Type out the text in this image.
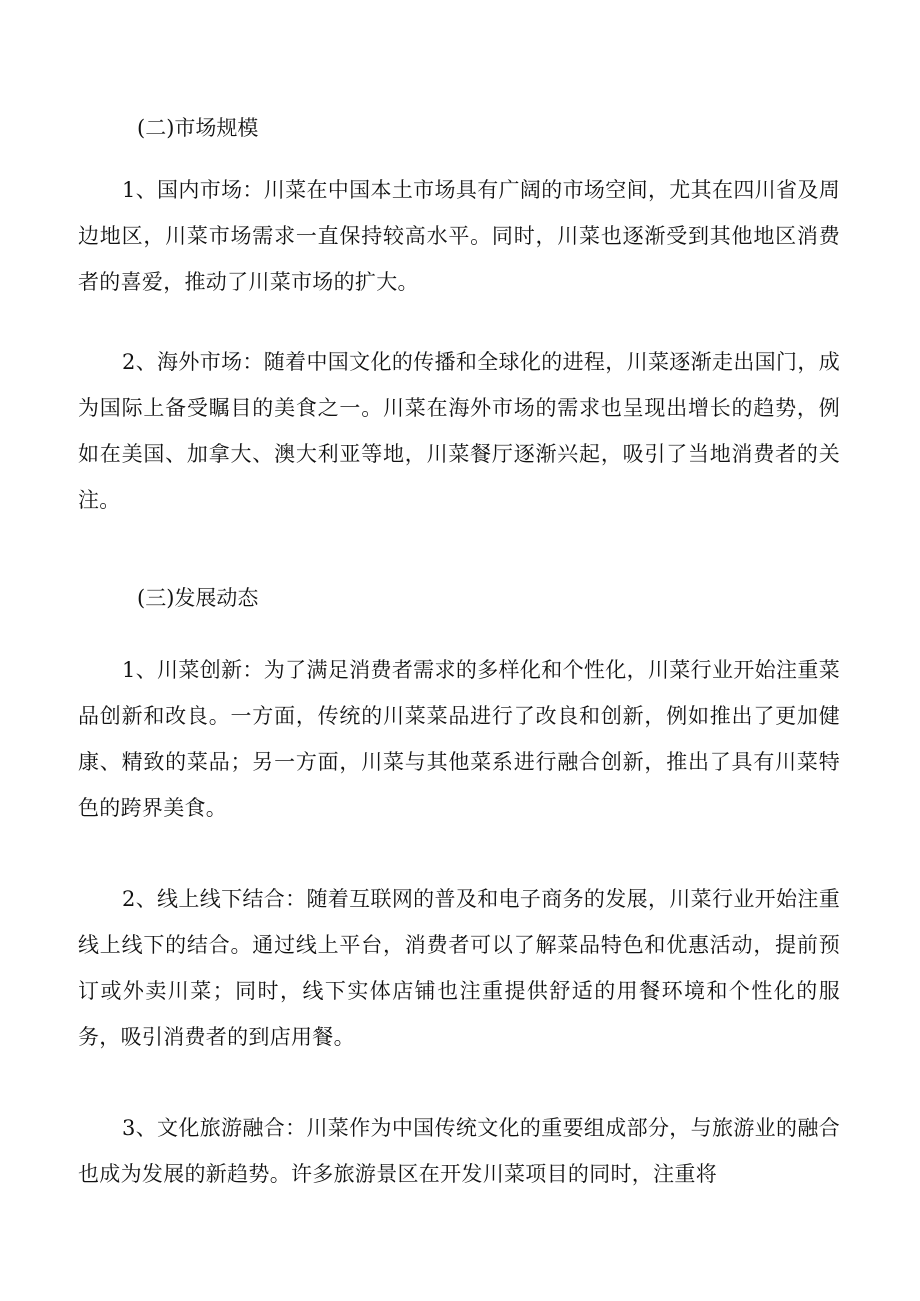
(二)市场规模

1、国内市场：川菜在中国本土市场具有广阔的市场空间，尤其在四川省及周边地区，川菜市场需求一直保持较高水平。同时，川菜也逐渐受到其他地区消费者的喜爱，推动了川菜市场的扩大。

2、海外市场：随着中国文化的传播和全球化的进程，川菜逐渐走出国门，成为国际上备受瞩目的美食之一。川菜在海外市场的需求也呈现出增长的趋势，例如在美国、加拿大、澳大利亚等地，川菜餐厅逐渐兴起，吸引了当地消费者的关注。

(三)发展动态

1、川菜创新：为了满足消费者需求的多样化和个性化，川菜行业开始注重菜品创新和改良。一方面，传统的川菜菜品进行了改良和创新，例如推出了更加健康、精致的菜品；另一方面，川菜与其他菜系进行融合创新，推出了具有川菜特色的跨界美食。

2、线上线下结合：随着互联网的普及和电子商务的发展，川菜行业开始注重线上线下的结合。通过线上平台，消费者可以了解菜品特色和优惠活动，提前预订或外卖川菜；同时，线下实体店铺也注重提供舒适的用餐环境和个性化的服务，吸引消费者的到店用餐。

3、文化旅游融合：川菜作为中国传统文化的重要组成部分，与旅游业的融合也成为发展的新趋势。许多旅游景区在开发川菜项目的同时，注重将
